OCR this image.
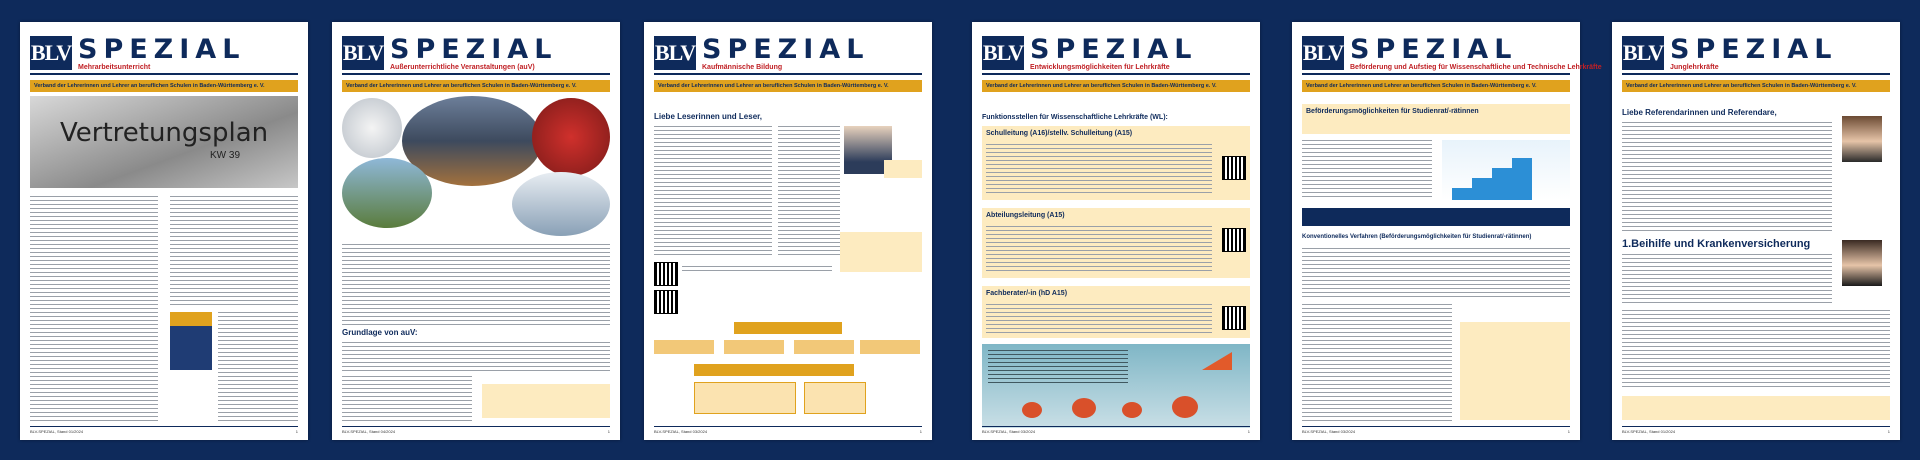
BLV SPEZIAL
Mehrarbeitsunterricht
Verband der Lehrerinnen und Lehrer an beruflichen Schulen in Baden-Württemberg e. V.
Vertretungsplan
KW 39
BLV-SPEZIAL, Stand 01/2024	1
BLV SPEZIAL
Außerunterrichtliche Veranstaltungen (auV)
Verband der Lehrerinnen und Lehrer an beruflichen Schulen in Baden-Württemberg e. V.
Grundlage von auV:
BLV-SPEZIAL, Stand 04/2024	1
BLV SPEZIAL
Kaufmännische Bildung
Verband der Lehrerinnen und Lehrer an beruflichen Schulen in Baden-Württemberg e. V.
Liebe Leserinnen und Leser,
BLV-SPEZIAL, Stand 03/2024	1
BLV SPEZIAL
Entwicklungsmöglichkeiten für Lehrkräfte
Verband der Lehrerinnen und Lehrer an beruflichen Schulen in Baden-Württemberg e. V.
Funktionsstellen für Wissenschaftliche Lehrkräfte (WL):
Schulleitung (A16)/stellv. Schulleitung (A15)
Abteilungsleitung (A15)
Fachberater/-in (hD A15)
BLV-SPEZIAL, Stand 03/2024	1
BLV SPEZIAL
Beförderung und Aufstieg für Wissenschaftliche und Technische Lehrkräfte
Verband der Lehrerinnen und Lehrer an beruflichen Schulen in Baden-Württemberg e. V.
Beförderungsmöglichkeiten für Studienrat/-rätinnen
Konventionelles Verfahren (Beförderungsmöglichkeiten für Studienrat/-rätinnen)
BLV-SPEZIAL, Stand 03/2024	1
BLV SPEZIAL
Junglehrkräfte
Verband der Lehrerinnen und Lehrer an beruflichen Schulen in Baden-Württemberg e. V.
Liebe Referendarinnen und Referendare,
1.Beihilfe und Krankenversicherung
BLV-SPEZIAL, Stand 01/2024	1
